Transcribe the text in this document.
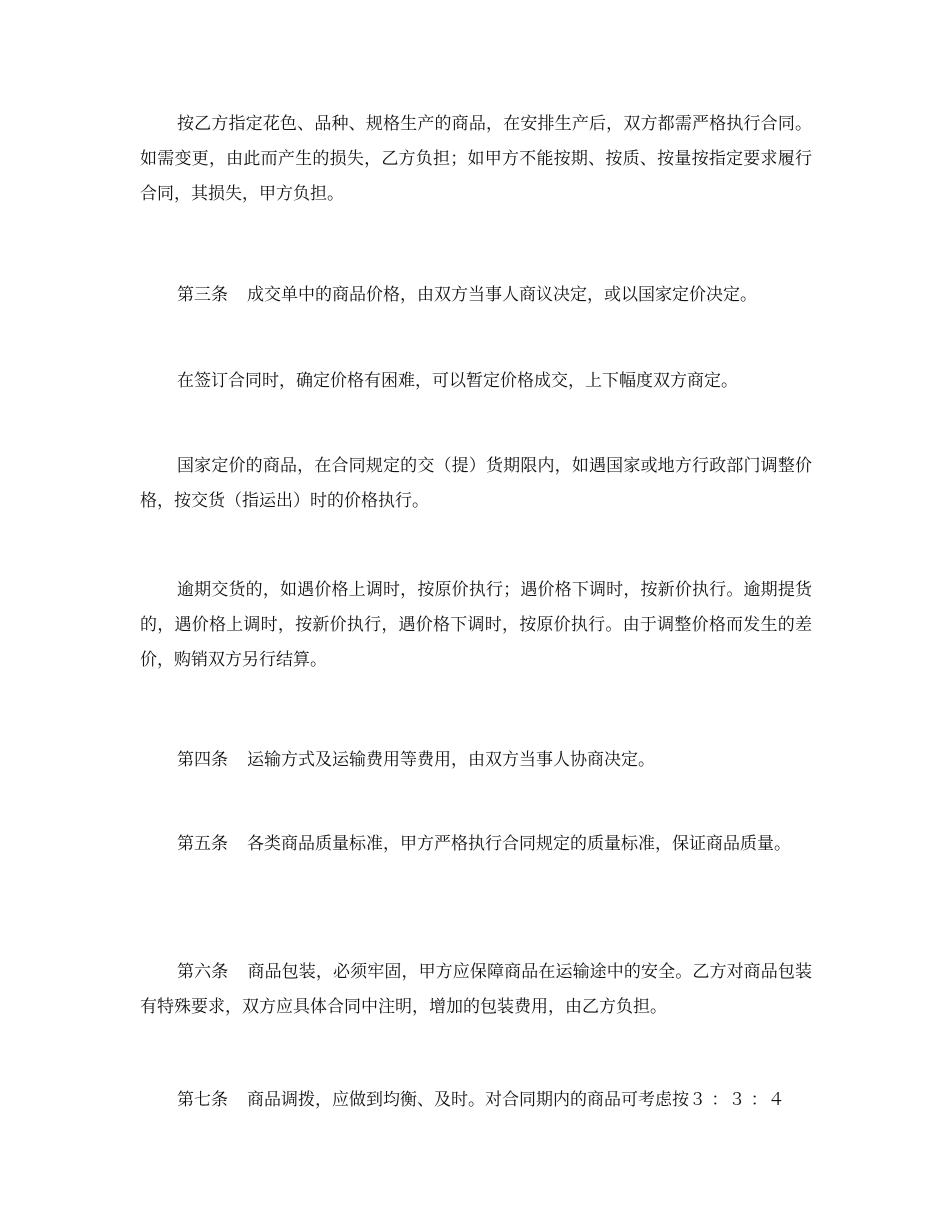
按乙方指定花色、品种、规格生产的商品，在安排生产后，双方都需严格执行合同。如需变更，由此而产生的损失，乙方负担；如甲方不能按期、按质、按量按指定要求履行合同，其损失，甲方负担。

第三条 成交单中的商品价格，由双方当事人商议决定，或以国家定价决定。

在签订合同时，确定价格有困难，可以暂定价格成交，上下幅度双方商定。

国家定价的商品，在合同规定的交（提）货期限内，如遇国家或地方行政部门调整价格，按交货（指运出）时的价格执行。

逾期交货的，如遇价格上调时，按原价执行；遇价格下调时，按新价执行。逾期提货的，遇价格上调时，按新价执行，遇价格下调时，按原价执行。由于调整价格而发生的差价，购销双方另行结算。

第四条 运输方式及运输费用等费用，由双方当事人协商决定。

第五条 各类商品质量标准，甲方严格执行合同规定的质量标准，保证商品质量。

第六条 商品包装，必须牢固，甲方应保障商品在运输途中的安全。乙方对商品包装有特殊要求，双方应具体合同中注明，增加的包装费用，由乙方负担。

第七条 商品调拨，应做到均衡、及时。对合同期内的商品可考虑按３ ：３ ：４
